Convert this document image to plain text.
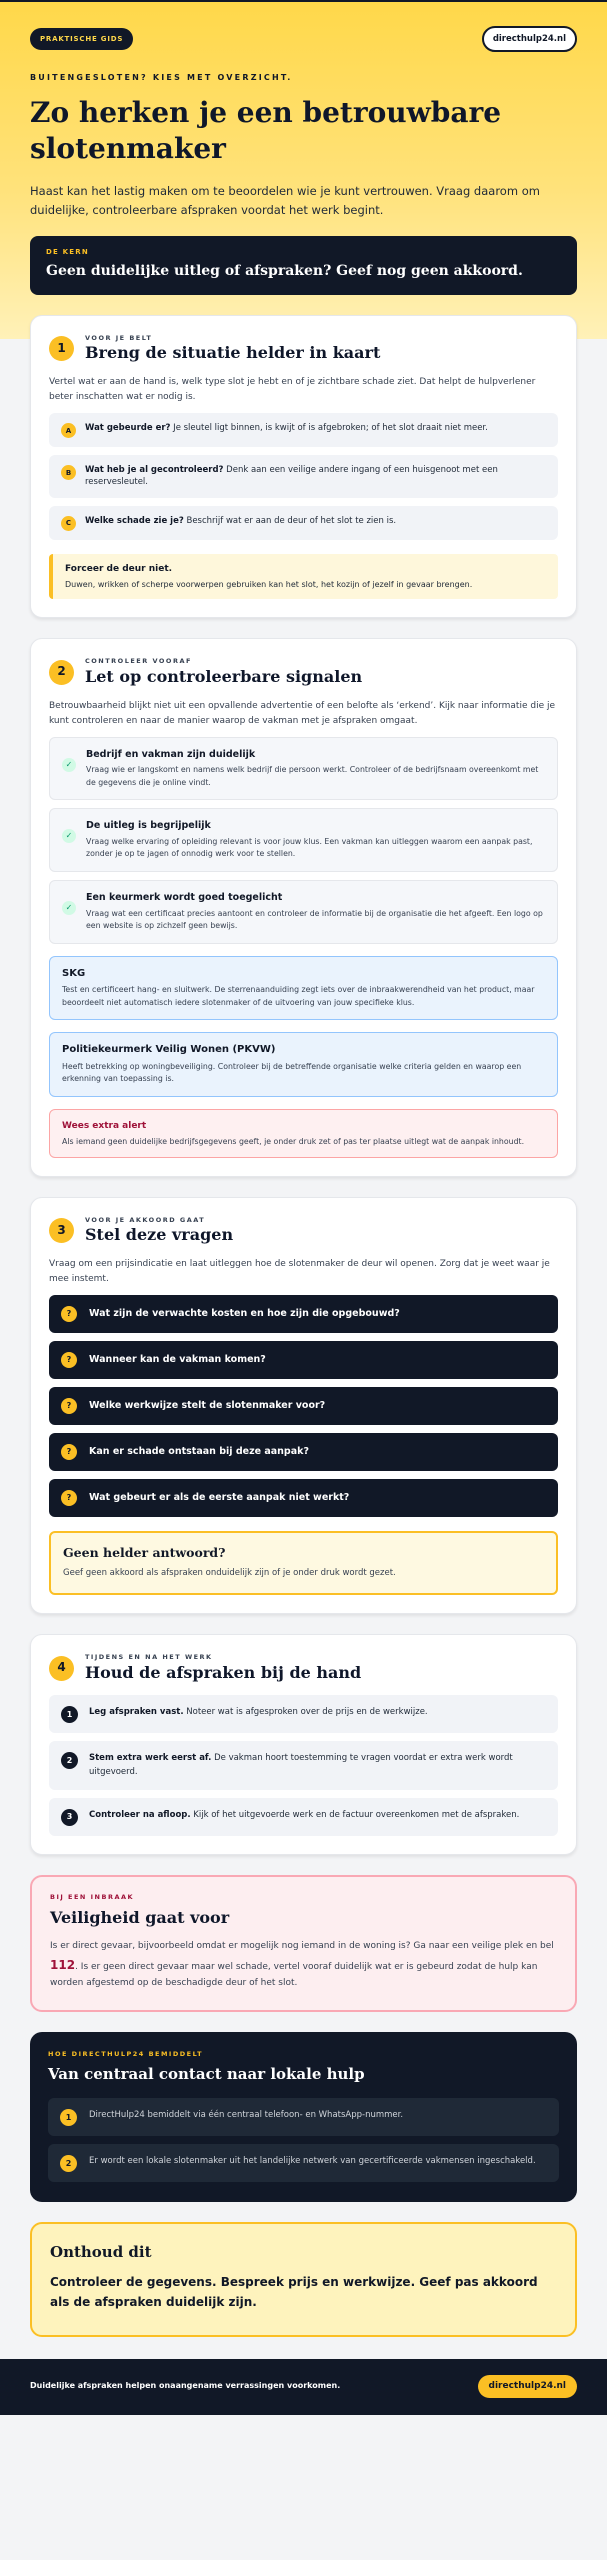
PRAKTISCHE GIDS	directhulp24.nl
BUITENGESLOTEN? KIES MET OVERZICHT.
Zo herken je een betrouwbare slotenmaker

Haast kan het lastig maken om te beoordelen wie je kunt vertrouwen. Vraag daarom om duidelijke, controleerbare afspraken voordat het werk begint.

DE KERN
Geen duidelijke uitleg of afspraken? Geef nog geen akkoord.
1
VOOR JE BELT
Breng de situatie helder in kaart

Vertel wat er aan de hand is, welk type slot je hebt en of je zichtbare schade ziet. Dat helpt de hulpverlener beter inschatten wat er nodig is.

A	Wat gebeurde er? Je sleutel ligt binnen, is kwijt of is afgebroken; of het slot draait niet meer.
B	Wat heb je al gecontroleerd? Denk aan een veilige andere ingang of een huisgenoot met een reservesleutel.
C	Welke schade zie je? Beschrijf wat er aan de deur of het slot te zien is.
Forceer de deur niet.
Duwen, wrikken of scherpe voorwerpen gebruiken kan het slot, het kozijn of jezelf in gevaar brengen.
2
CONTROLEER VOORAF
Let op controleerbare signalen

Betrouwbaarheid blijkt niet uit een opvallende advertentie of een belofte als ‘erkend’. Kijk naar informatie die je kunt controleren en naar de manier waarop de vakman met je afspraken omgaat.

✓
Bedrijf en vakman zijn duidelijk
Vraag wie er langskomt en namens welk bedrijf die persoon werkt. Controleer of de bedrijfsnaam overeenkomt met de gegevens die je online vindt.
✓
De uitleg is begrijpelijk
Vraag welke ervaring of opleiding relevant is voor jouw klus. Een vakman kan uitleggen waarom een aanpak past, zonder je op te jagen of onnodig werk voor te stellen.
✓
Een keurmerk wordt goed toegelicht
Vraag wat een certificaat precies aantoont en controleer de informatie bij de organisatie die het afgeeft. Een logo op een website is op zichzelf geen bewijs.
SKG
Test en certificeert hang- en sluitwerk. De sterrenaanduiding zegt iets over de inbraakwerendheid van het product, maar beoordeelt niet automatisch iedere slotenmaker of de uitvoering van jouw specifieke klus.
Politiekeurmerk Veilig Wonen (PKVW)
Heeft betrekking op woningbeveiliging. Controleer bij de betreffende organisatie welke criteria gelden en waarop een erkenning van toepassing is.
Wees extra alert
Als iemand geen duidelijke bedrijfsgegevens geeft, je onder druk zet of pas ter plaatse uitlegt wat de aanpak inhoudt.
3
VOOR JE AKKOORD GAAT
Stel deze vragen

Vraag om een prijsindicatie en laat uitleggen hoe de slotenmaker de deur wil openen. Zorg dat je weet waar je mee instemt.

?	Wat zijn de verwachte kosten en hoe zijn die opgebouwd?
?	Wanneer kan de vakman komen?
?	Welke werkwijze stelt de slotenmaker voor?
?	Kan er schade ontstaan bij deze aanpak?
?	Wat gebeurt er als de eerste aanpak niet werkt?
Geen helder antwoord?
Geef geen akkoord als afspraken onduidelijk zijn of je onder druk wordt gezet.
4
TIJDENS EN NA HET WERK
Houd de afspraken bij de hand
1	Leg afspraken vast. Noteer wat is afgesproken over de prijs en de werkwijze.
2	Stem extra werk eerst af. De vakman hoort toestemming te vragen voordat er extra werk wordt uitgevoerd.
3	Controleer na afloop. Kijk of het uitgevoerde werk en de factuur overeenkomen met de afspraken.
BIJ EEN INBRAAK
Veiligheid gaat voor

Is er direct gevaar, bijvoorbeeld omdat er mogelijk nog iemand in de woning is? Ga naar een veilige plek en bel 112. Is er geen direct gevaar maar wel schade, vertel vooraf duidelijk wat er is gebeurd zodat de hulp kan worden afgestemd op de beschadigde deur of het slot.

HOE DIRECTHULP24 BEMIDDELT
Van centraal contact naar lokale hulp
1	DirectHulp24 bemiddelt via één centraal telefoon- en WhatsApp-nummer.
2	Er wordt een lokale slotenmaker uit het landelijke netwerk van gecertificeerde vakmensen ingeschakeld.
Onthoud dit
Controleer de gegevens. Bespreek prijs en werkwijze. Geef pas akkoord als de afspraken duidelijk zijn.
Duidelijke afspraken helpen onaangename verrassingen voorkomen.	directhulp24.nl
